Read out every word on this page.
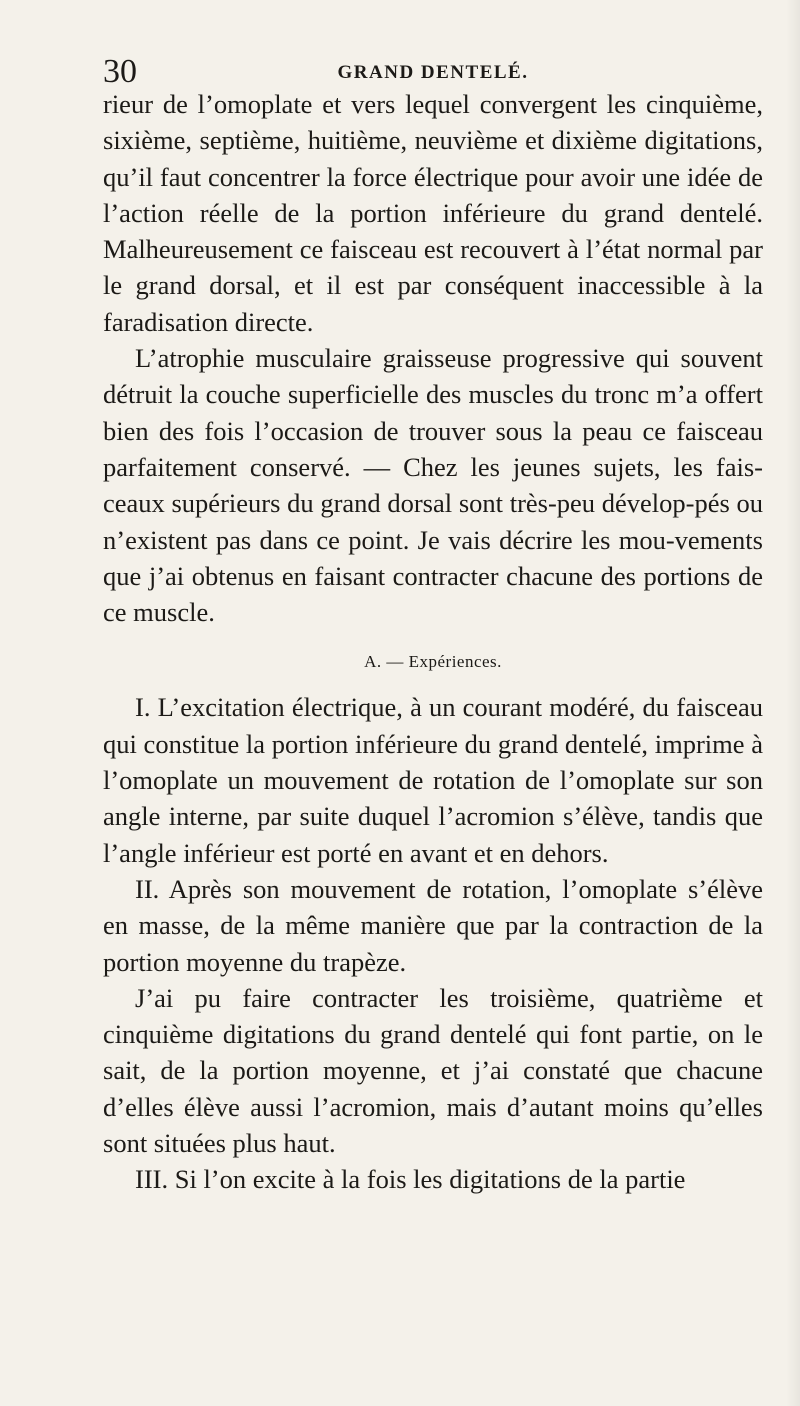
30	GRAND DENTELÉ.

rieur de l’omoplate et vers lequel convergent les cinquième, sixième, septième, huitième, neuvième et dixième digitations, qu’il faut concentrer la force électrique pour avoir une idée de l’action réelle de la portion inférieure du grand dentelé. Malheureusement ce faisceau est recouvert à l’état normal par le grand dorsal, et il est par conséquent inaccessible à la faradisation directe.

L’atrophie musculaire graisseuse progressive qui souvent détruit la couche superficielle des muscles du tronc m’a offert bien des fois l’occasion de trouver sous la peau ce faisceau parfaitement conservé. — Chez les jeunes sujets, les fais-ceaux supérieurs du grand dorsal sont très-peu dévelop-pés ou n’existent pas dans ce point. Je vais décrire les mou-vements que j’ai obtenus en faisant contracter chacune des portions de ce muscle.

A. — Expériences.

I. L’excitation électrique, à un courant modéré, du faisceau qui constitue la portion inférieure du grand dentelé, imprime à l’omoplate un mouvement de rotation de l’omoplate sur son angle interne, par suite duquel l’acromion s’élève, tandis que l’angle inférieur est porté en avant et en dehors.

II. Après son mouvement de rotation, l’omoplate s’élève en masse, de la même manière que par la contraction de la portion moyenne du trapèze.

J’ai pu faire contracter les troisième, quatrième et cinquième digitations du grand dentelé qui font partie, on le sait, de la portion moyenne, et j’ai constaté que chacune d’elles élève aussi l’acromion, mais d’autant moins qu’elles sont situées plus haut.

III. Si l’on excite à la fois les digitations de la partie
